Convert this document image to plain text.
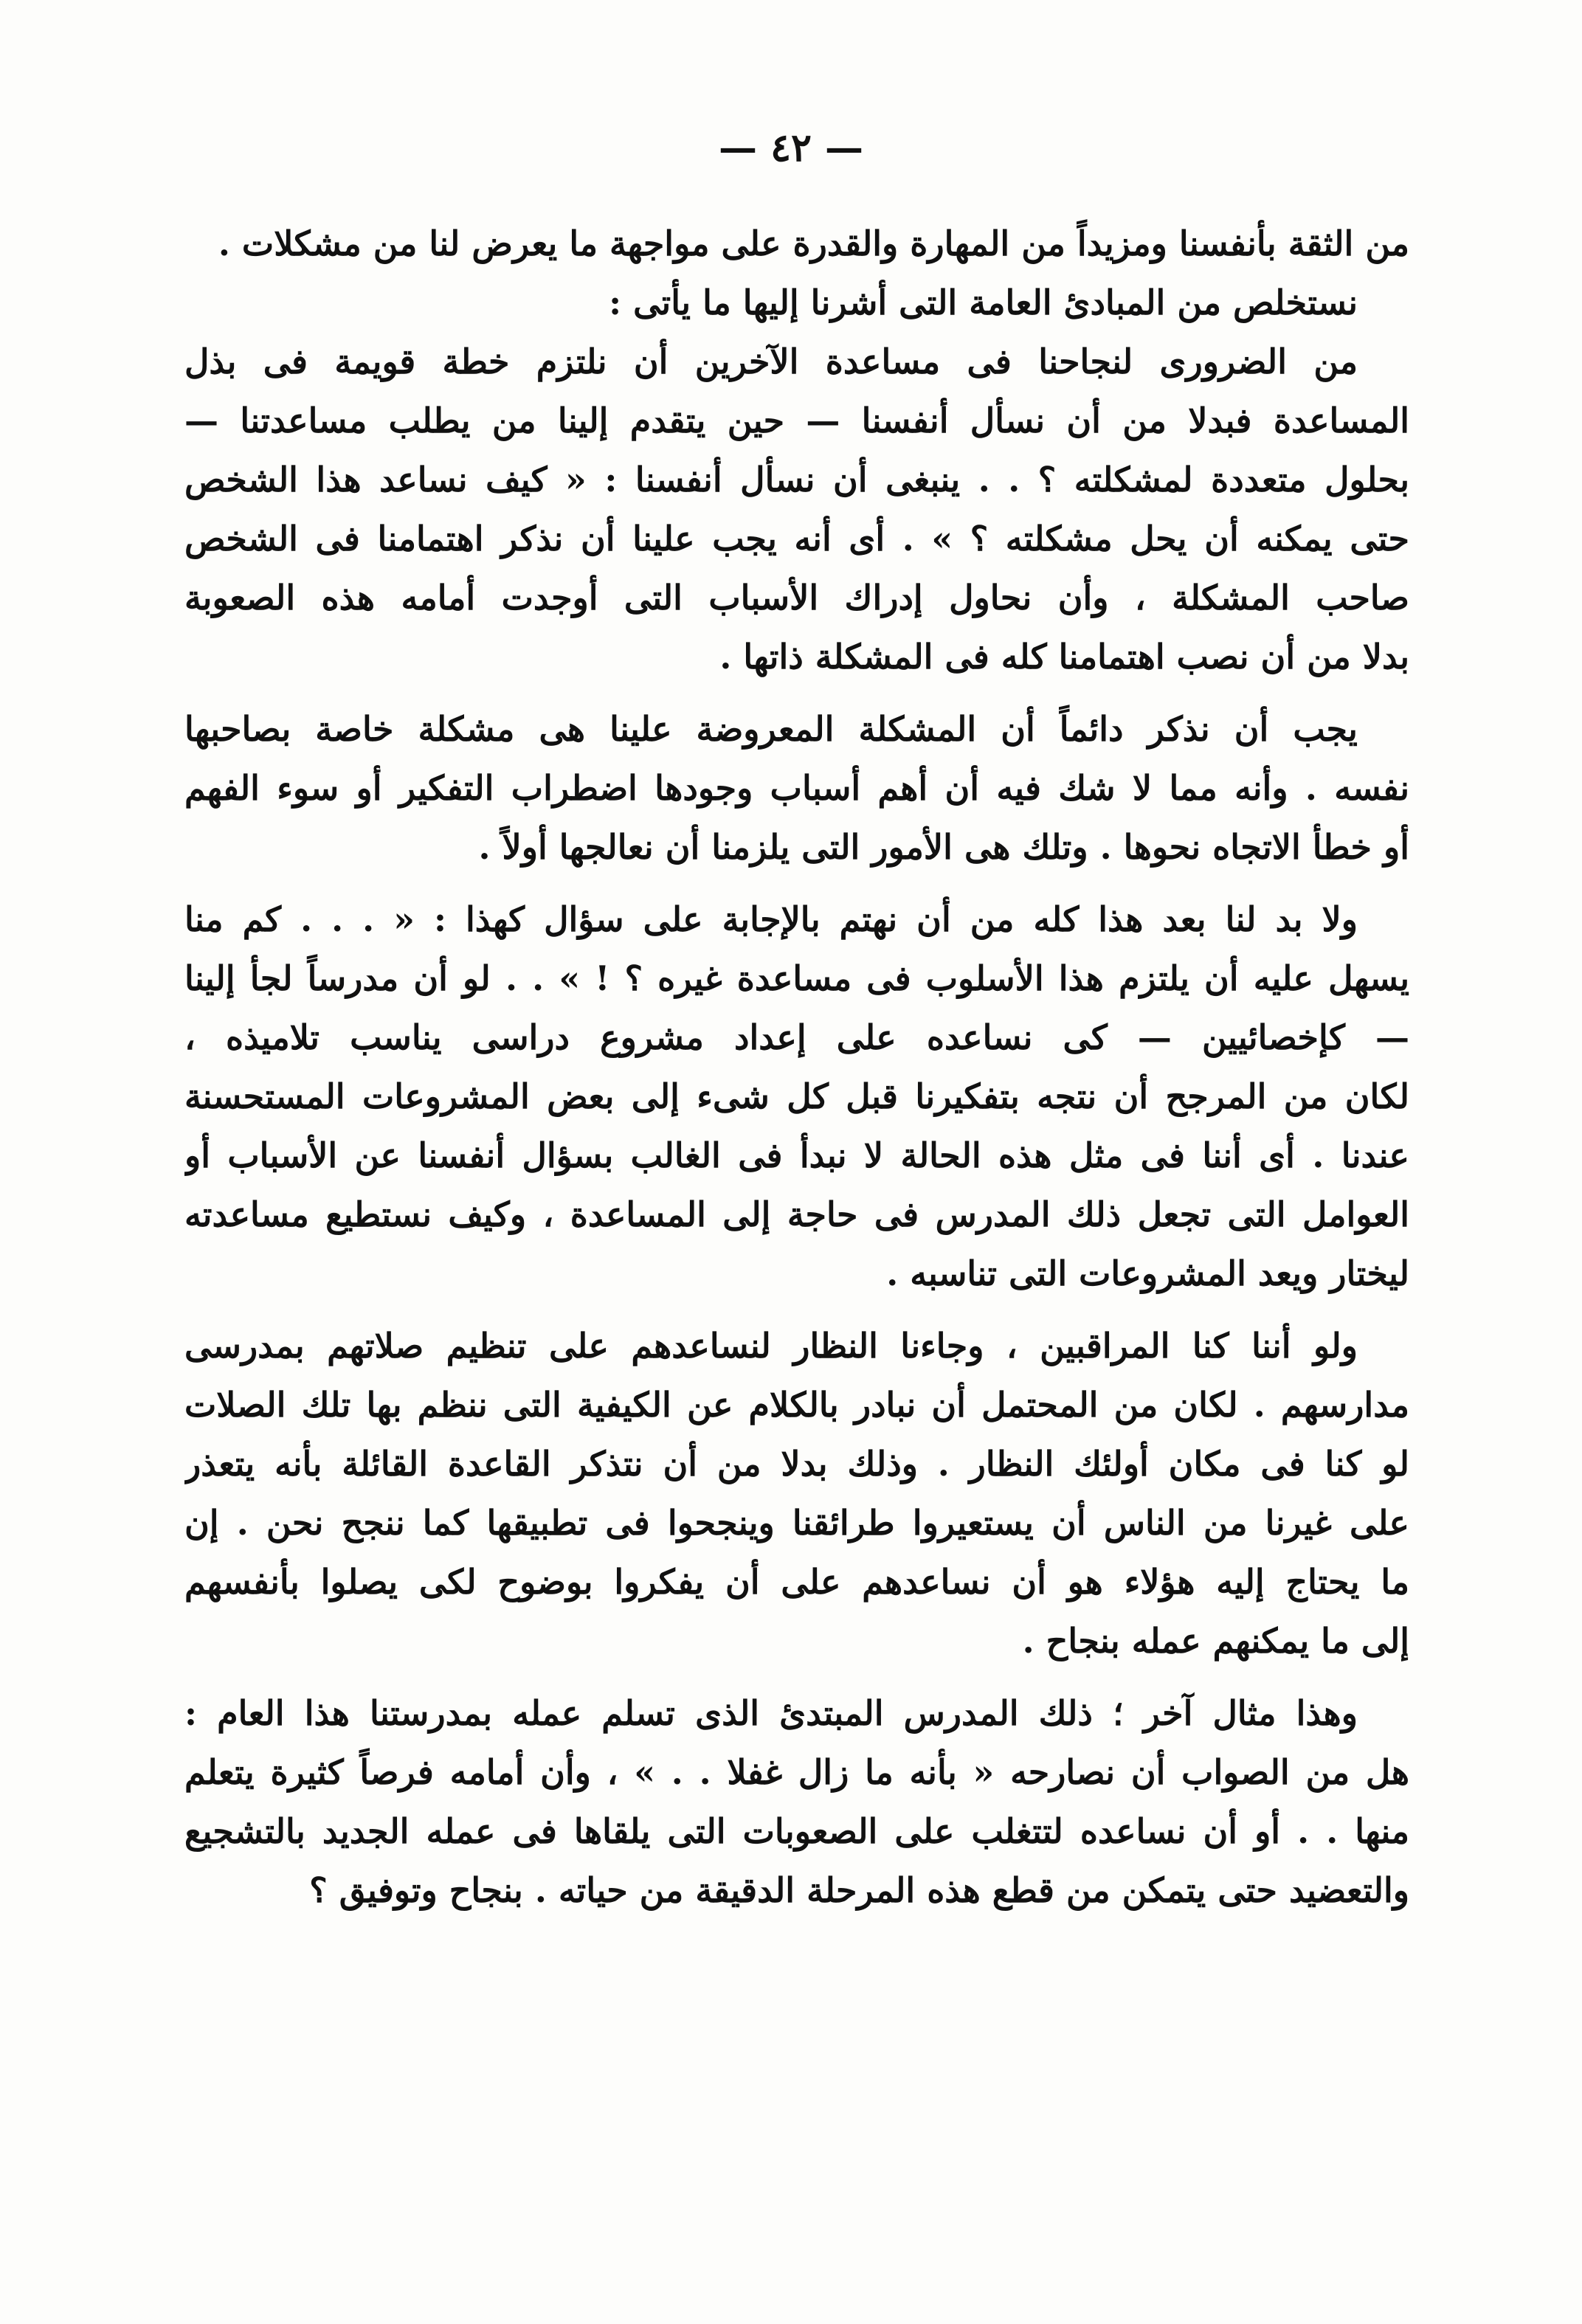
— ٤٢ —
من الثقة بأنفسنا ومزيداً من المهارة والقدرة على مواجهة ما يعرض لنا من مشكلات .
نستخلص من المبادئ العامة التى أشرنا إليها ما يأتى :
من الضرورى لنجاحنا فى مساعدة الآخرين أن نلتزم خطة قويمة فى بذل
المساعدة فبدلا من أن نسأل أنفسنا — حين يتقدم إلينا من يطلب مساعدتنا —
بحلول متعددة لمشكلته ؟ . . ينبغى أن نسأل أنفسنا : « كيف نساعد هذا الشخص
حتى يمكنه أن يحل مشكلته ؟ » . أى أنه يجب علينا أن نذكر اهتمامنا فى الشخص
صاحب المشكلة ، وأن نحاول إدراك الأسباب التى أوجدت أمامه هذه الصعوبة
بدلا من أن نصب اهتمامنا كله فى المشكلة ذاتها .
يجب أن نذكر دائماً أن المشكلة المعروضة علينا هى مشكلة خاصة بصاحبها
نفسه . وأنه مما لا شك فيه أن أهم أسباب وجودها اضطراب التفكير أو سوء الفهم
أو خطأ الاتجاه نحوها . وتلك هى الأمور التى يلزمنا أن نعالجها أولاً .
ولا بد لنا بعد هذا كله من أن نهتم بالإجابة على سؤال كهذا : « . . . كم منا
يسهل عليه أن يلتزم هذا الأسلوب فى مساعدة غيره ؟ ! » . . لو أن مدرساً لجأ إلينا
— كإخصائيين — كى نساعده على إعداد مشروع دراسى يناسب تلاميذه ،
لكان من المرجح أن نتجه بتفكيرنا قبل كل شىء إلى بعض المشروعات المستحسنة
عندنا . أى أننا فى مثل هذه الحالة لا نبدأ فى الغالب بسؤال أنفسنا عن الأسباب أو
العوامل التى تجعل ذلك المدرس فى حاجة إلى المساعدة ، وكيف نستطيع مساعدته
ليختار ويعد المشروعات التى تناسبه .
ولو أننا كنا المراقبين ، وجاءنا النظار لنساعدهم على تنظيم صلاتهم بمدرسى
مدارسهم . لكان من المحتمل أن نبادر بالكلام عن الكيفية التى ننظم بها تلك الصلات
لو كنا فى مكان أولئك النظار . وذلك بدلا من أن نتذكر القاعدة القائلة بأنه يتعذر
على غيرنا من الناس أن يستعيروا طرائقنا وينجحوا فى تطبيقها كما ننجح نحن . إن
ما يحتاج إليه هؤلاء هو أن نساعدهم على أن يفكروا بوضوح لكى يصلوا بأنفسهم
إلى ما يمكنهم عمله بنجاح .
وهذا مثال آخر ؛ ذلك المدرس المبتدئ الذى تسلم عمله بمدرستنا هذا العام :
هل من الصواب أن نصارحه « بأنه ما زال غفلا . . » ، وأن أمامه فرصاً كثيرة يتعلم
منها . . أو أن نساعده لتتغلب على الصعوبات التى يلقاها فى عمله الجديد بالتشجيع
والتعضيد حتى يتمكن من قطع هذه المرحلة الدقيقة من حياته . بنجاح وتوفيق ؟
